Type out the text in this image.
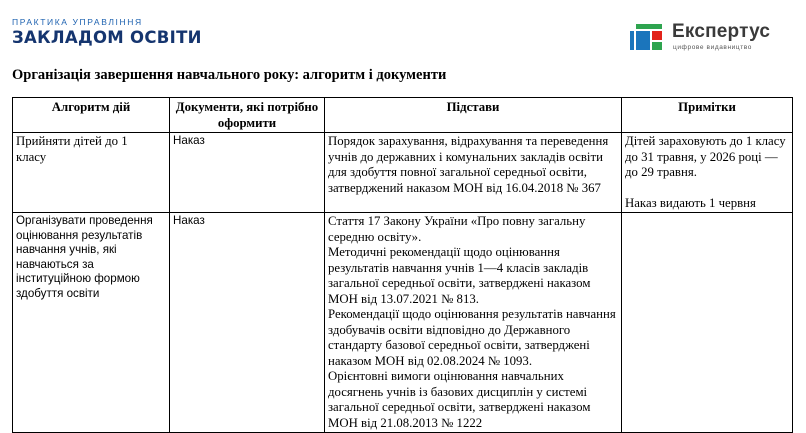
ПРАКТИКА УПРАВЛІННЯ
ЗАКЛАДОМ ОСВІТИ	Експертус
цифрове видавництво
Організація завершення навчального року: алгоритм і документи
Алгоритм дій	Документи, які потрібно оформити	Підстави	Примітки
Прийняти дітей до 1 класу	Наказ	Порядок зарахування, відрахування та переведення учнів до державних і комунальних закладів освіти для здобуття повної загальної середньої освіти, затверджений наказом МОН від 16.04.2018 № 367	Дітей зараховують до 1 класу до 31 травня, у 2026 році — до 29 травня.
Наказ видають 1 червня

Організувати проведення оцінювання результатів навчання учнів, які навчаються за інституційною формою здобуття освіти	Наказ	Стаття 17 Закону України «Про повну загальну середню освіту».
Методичні рекомендації щодо оцінювання результатів навчання учнів 1—4 класів закладів загальної середньої освіти, затверджені наказом МОН від 13.07.2021 № 813.
Рекомендації щодо оцінювання результатів навчання здобувачів освіти відповідно до Державного стандарту базової середньої освіти, затверджені наказом МОН від 02.08.2024 № 1093.
Орієнтовні вимоги оцінювання навчальних досягнень учнів із базових дисциплін у системі загальної середньої освіти, затверджені наказом МОН від 21.08.2013 № 1222	
